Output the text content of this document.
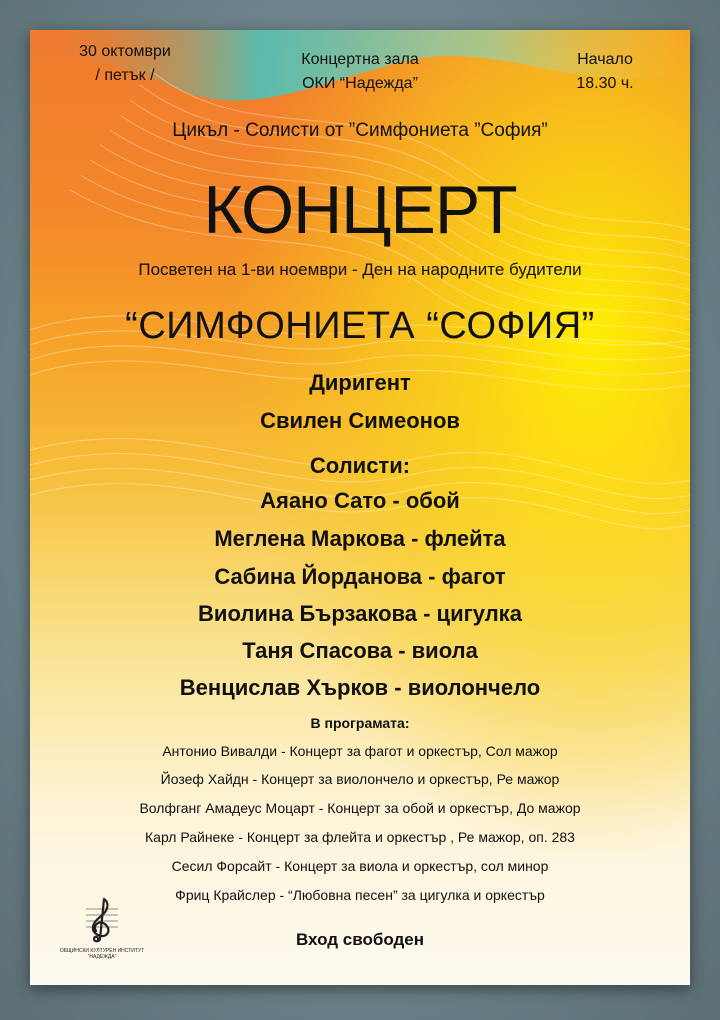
30 октомври
/ петък /
Концертна зала
ОКИ “Надежда”
Начало
18.30 ч.
Цикъл - Солисти от ”Симфониета ”София”
КОНЦЕРТ
Посветен на 1-ви ноември - Ден на народните будители
“СИМФОНИЕТА “СОФИЯ”
Диригент
Свилен Симеонов
Солисти:
Аяано Сато - обой
Меглена Маркова - флейта
Сабина Йорданова - фагот
Виолина Бързакова - цигулка
Таня Спасова - виола
Венцислав Хърков - виолончело
В програмата:
Антонио Вивалди - Концерт за фагот и оркестър, Сол мажор
Йозеф Хайдн - Концерт за виолончело и оркестър, Ре мажор
Волфганг Амадеус Моцарт - Концерт за обой и оркестър, До мажор
Карл Райнеке - Концерт за флейта и оркестър , Ре мажор, оп. 283
Сесил Форсайт - Концерт за виола и оркестър, сол минор
Фриц Крайслер - “Любовна песен” за цигулка и оркестър
Вход свободен
ОБЩИНСКИ КУЛТУРЕН ИНСТИТУТ
“НАДЕЖДА”
